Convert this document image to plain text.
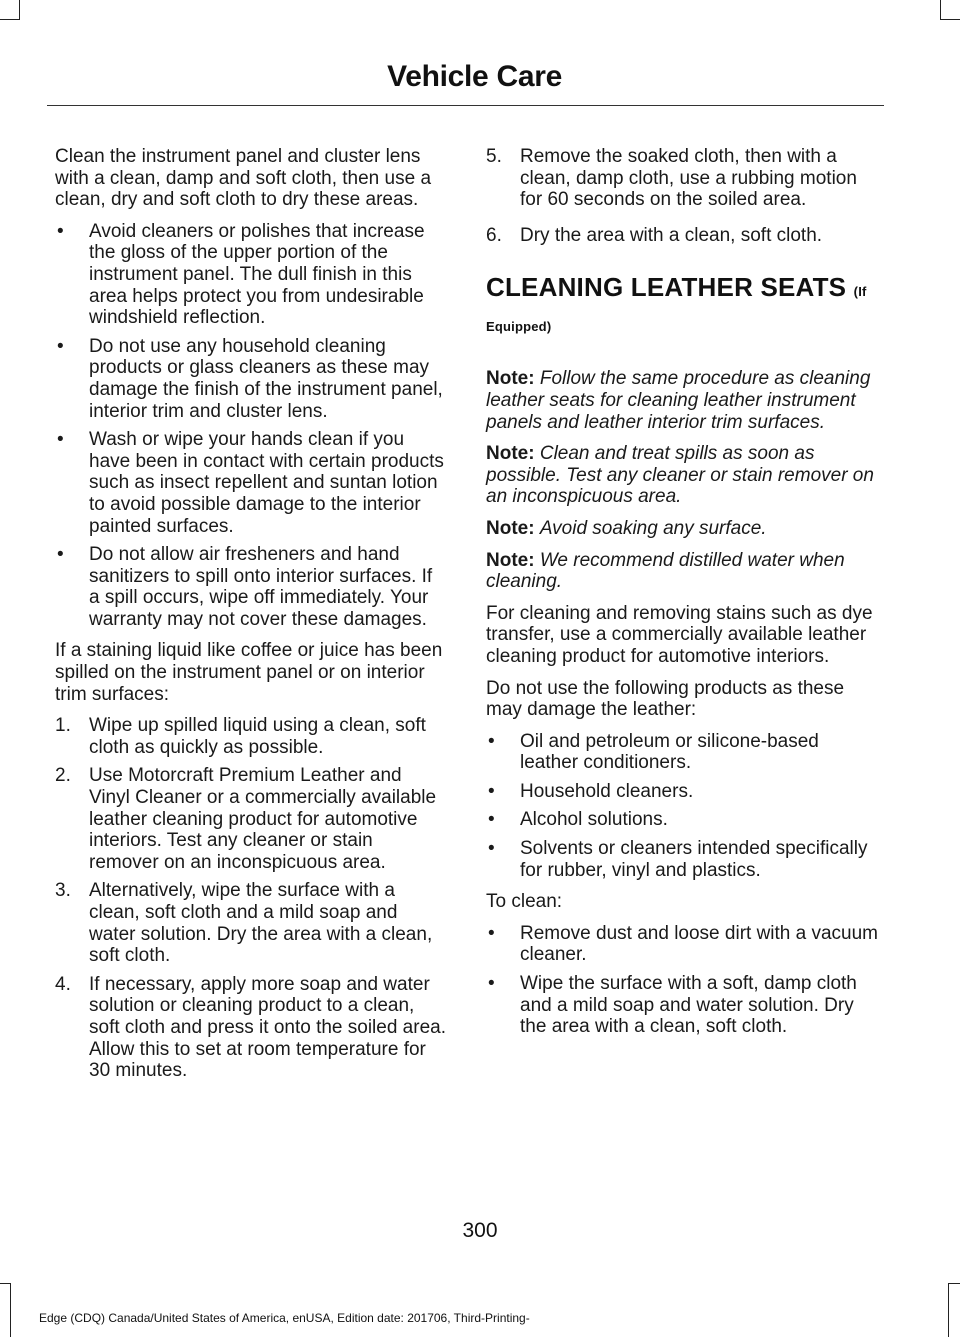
Vehicle Care

Clean the instrument panel and cluster lens with a clean, damp and soft cloth, then use a clean, dry and soft cloth to dry these areas.

• Avoid cleaners or polishes that increase the gloss of the upper portion of the instrument panel. The dull finish in this area helps protect you from undesirable windshield reflection.
• Do not use any household cleaning products or glass cleaners as these may damage the finish of the instrument panel, interior trim and cluster lens.
• Wash or wipe your hands clean if you have been in contact with certain products such as insect repellent and suntan lotion to avoid possible damage to the interior painted surfaces.
• Do not allow air fresheners and hand sanitizers to spill onto interior surfaces. If a spill occurs, wipe off immediately. Your warranty may not cover these damages.

If a staining liquid like coffee or juice has been spilled on the instrument panel or on interior trim surfaces:

1. Wipe up spilled liquid using a clean, soft cloth as quickly as possible.
2. Use Motorcraft Premium Leather and Vinyl Cleaner or a commercially available leather cleaning product for automotive interiors. Test any cleaner or stain remover on an inconspicuous area.
3. Alternatively, wipe the surface with a clean, soft cloth and a mild soap and water solution. Dry the area with a clean, soft cloth.
4. If necessary, apply more soap and water solution or cleaning product to a clean, soft cloth and press it onto the soiled area. Allow this to set at room temperature for 30 minutes.
5. Remove the soaked cloth, then with a clean, damp cloth, use a rubbing motion for 60 seconds on the soiled area.
6. Dry the area with a clean, soft cloth.
CLEANING LEATHER SEATS (If Equipped)

Note: Follow the same procedure as cleaning leather seats for cleaning leather instrument panels and leather interior trim surfaces.

Note: Clean and treat spills as soon as possible. Test any cleaner or stain remover on an inconspicuous area.

Note: Avoid soaking any surface.

Note: We recommend distilled water when cleaning.

For cleaning and removing stains such as dye transfer, use a commercially available leather cleaning product for automotive interiors.

Do not use the following products as these may damage the leather:

• Oil and petroleum or silicone-based leather conditioners.
• Household cleaners.
• Alcohol solutions.
• Solvents or cleaners intended specifically for rubber, vinyl and plastics.

To clean:

• Remove dust and loose dirt with a vacuum cleaner.
• Wipe the surface with a soft, damp cloth and a mild soap and water solution. Dry the area with a clean, soft cloth.
300
Edge (CDQ) Canada/United States of America, enUSA, Edition date: 201706, Third-Printing-
